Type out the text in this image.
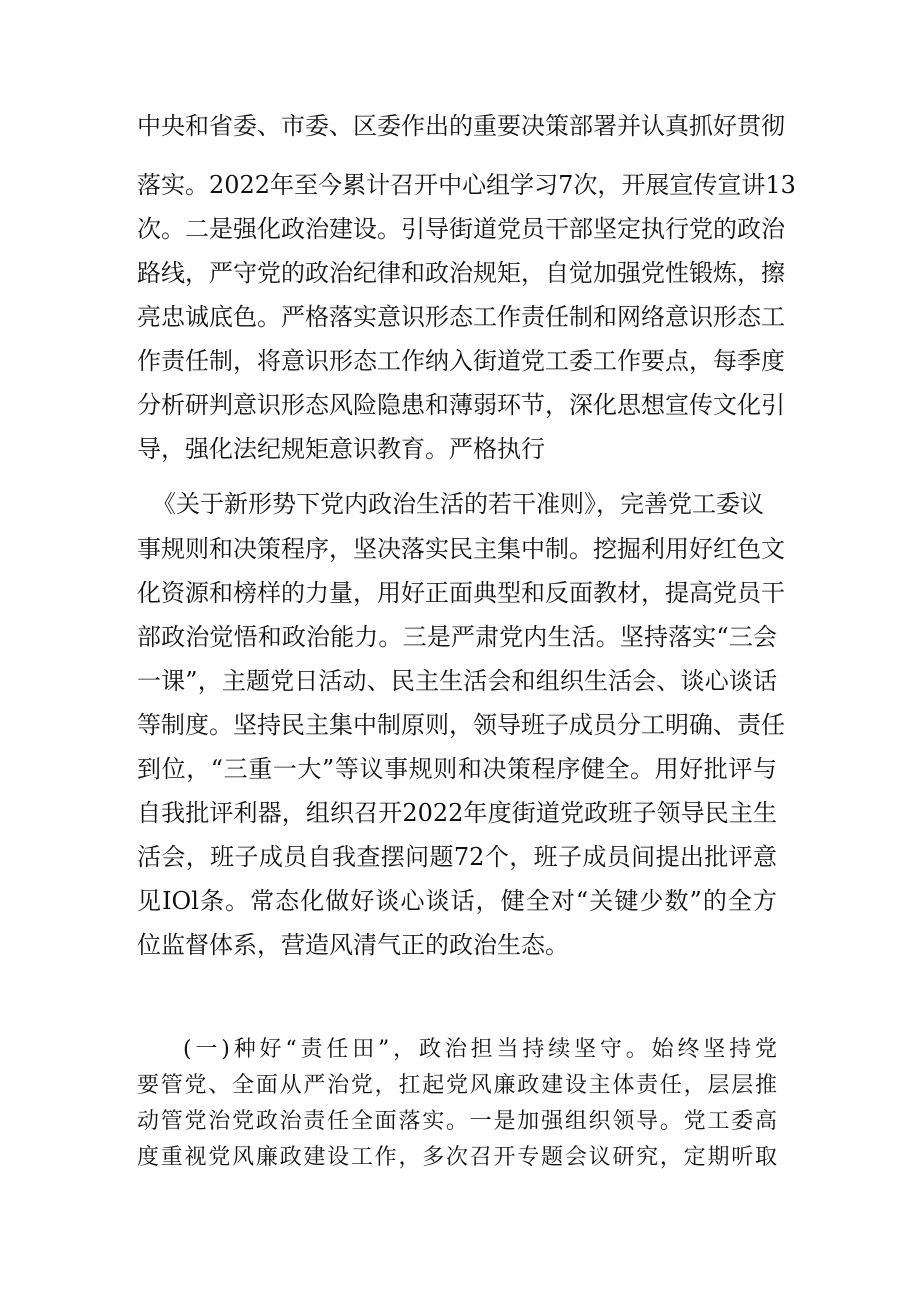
中央和省委、市委、区委作出的重要决策部署并认真抓好贯彻
落实。2022年至今累计召开中心组学习7次，开展宣传宣讲13
次。二是强化政治建设。引导街道党员干部坚定执行党的政治
路线，严守党的政治纪律和政治规矩，自觉加强党性锻炼，擦
亮忠诚底色。严格落实意识形态工作责任制和网络意识形态工
作责任制，将意识形态工作纳入街道党工委工作要点，每季度
分析研判意识形态风险隐患和薄弱环节，深化思想宣传文化引
导，强化法纪规矩意识教育。严格执行
《关于新形势下党内政治生活的若干准则》，完善党工委议
事规则和决策程序，坚决落实民主集中制。挖掘利用好红色文
化资源和榜样的力量，用好正面典型和反面教材，提高党员干
部政治觉悟和政治能力。三是严肃党内生活。坚持落实“三会
一课”，主题党日活动、民主生活会和组织生活会、谈心谈话
等制度。坚持民主集中制原则，领导班子成员分工明确、责任
到位，“三重一大”等议事规则和决策程序健全。用好批评与
自我批评利器，组织召开2022年度街道党政班子领导民主生
活会，班子成员自我查摆问题72个，班子成员间提出批评意
见IOl条。常态化做好谈心谈话，健全对“关键少数”的全方
位监督体系，营造风清气正的政治生态。
(一)种好“责任田”，政治担当持续坚守。始终坚持党
要管党、全面从严治党，扛起党风廉政建设主体责任，层层推
动管党治党政治责任全面落实。一是加强组织领导。党工委高
度重视党风廉政建设工作，多次召开专题会议研究，定期听取
